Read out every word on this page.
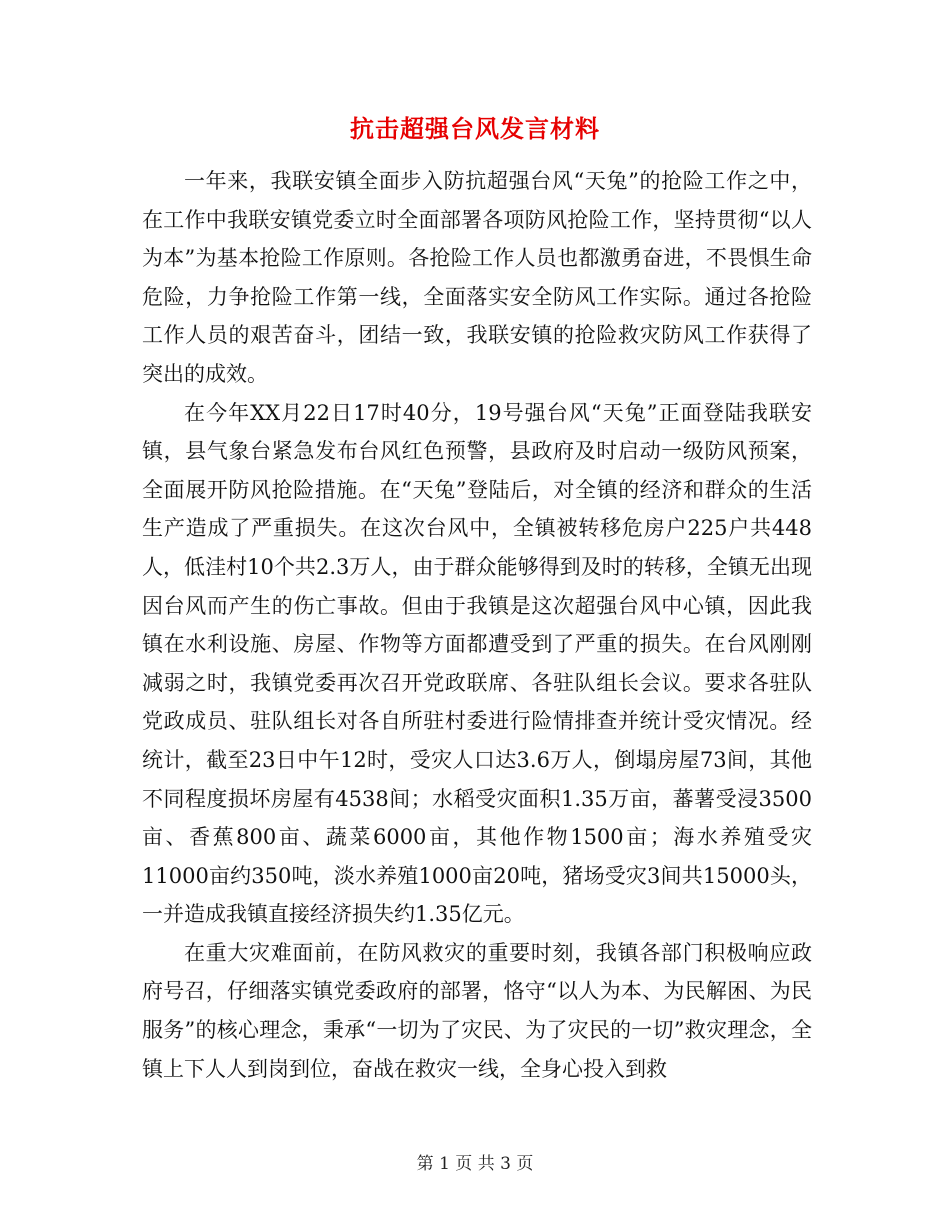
抗击超强台风发言材料

一年来，我联安镇全面步入防抗超强台风“天兔”的抢险工作之中，在工作中我联安镇党委立时全面部署各项防风抢险工作，坚持贯彻“以人为本”为基本抢险工作原则。各抢险工作人员也都激勇奋进，不畏惧生命危险，力争抢险工作第一线，全面落实安全防风工作实际。通过各抢险工作人员的艰苦奋斗，团结一致，我联安镇的抢险救灾防风工作获得了突出的成效。

在今年XX月22日17时40分，19号强台风“天兔”正面登陆我联安镇，县气象台紧急发布台风红色预警，县政府及时启动一级防风预案，全面展开防风抢险措施。在“天兔”登陆后，对全镇的经济和群众的生活生产造成了严重损失。在这次台风中，全镇被转移危房户225户共448人，低洼村10个共2.3万人，由于群众能够得到及时的转移，全镇无出现因台风而产生的伤亡事故。但由于我镇是这次超强台风中心镇，因此我镇在水利设施、房屋、作物等方面都遭受到了严重的损失。在台风刚刚减弱之时，我镇党委再次召开党政联席、各驻队组长会议。要求各驻队党政成员、驻队组长对各自所驻村委进行险情排查并统计受灾情况。经统计，截至23日中午12时，受灾人口达3.6万人，倒塌房屋73间，其他不同程度损坏房屋有4538间；水稻受灾面积1.35万亩，蕃薯受浸3500亩、香蕉800亩、蔬菜6000亩，其他作物1500亩；海水养殖受灾11000亩约350吨，淡水养殖1000亩20吨，猪场受灾3间共15000头，一并造成我镇直接经济损失约1.35亿元。

在重大灾难面前，在防风救灾的重要时刻，我镇各部门积极响应政府号召，仔细落实镇党委政府的部署，恪守“以人为本、为民解困、为民服务”的核心理念，秉承“一切为了灾民、为了灾民的一切”救灾理念，全镇上下人人到岗到位，奋战在救灾一线，全身心投入到救

第 1 页 共 3 页
